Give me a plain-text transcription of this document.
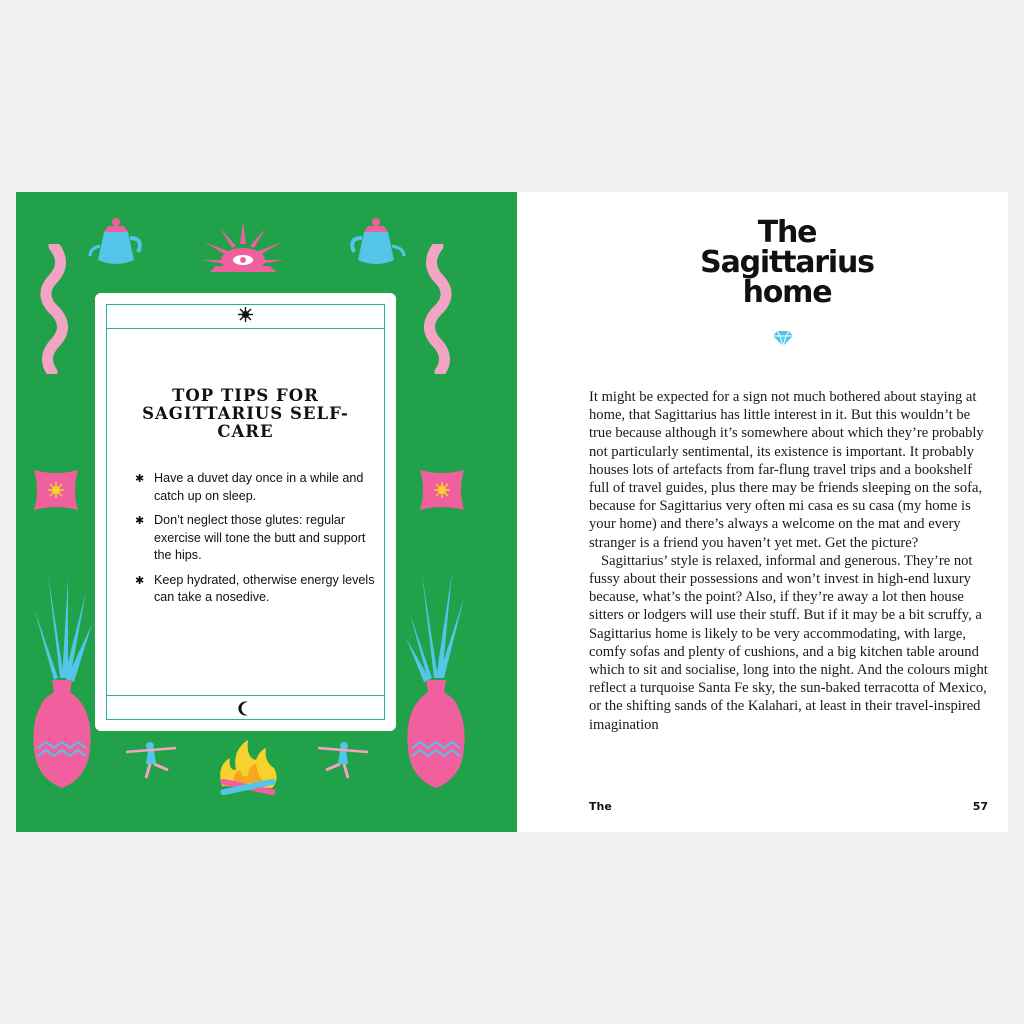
TOP TIPS FOR SAGITTARIUS SELF-CARE
✱ Have a duvet day once in a while and catch up on sleep.
✱ Don’t neglect those glutes: regular exercise will tone the butt and support the hips.
✱ Keep hydrated, otherwise energy levels can take a nosedive.
The
Sagittarius
home

It might be expected for a sign not much bothered about staying at home, that Sagittarius has little interest in it. But this wouldn’t be true because although it’s somewhere about which they’re probably not particularly sentimental, its existence is important. It probably houses lots of artefacts from far-flung travel trips and a bookshelf full of travel guides, plus there may be friends sleeping on the sofa, because for Sagittarius very often mi casa es su casa (my home is your home) and there’s always a welcome on the mat and every stranger is a friend you haven’t yet met. Get the picture?

Sagittarius’ style is relaxed, informal and generous. They’re not fussy about their possessions and won’t invest in high-end luxury because, what’s the point? Also, if they’re away a lot then house sitters or lodgers will use their stuff. But if it may be a bit scruffy, a Sagittarius home is likely to be very accommodating, with large, comfy sofas and plenty of cushions, and a big kitchen table around which to sit and socialise, long into the night. And the colours might reflect a turquoise Santa Fe sky, the sun-baked terracotta of Mexico, or the shifting sands of the Kalahari, at least in their travel-inspired imagination

The	57
